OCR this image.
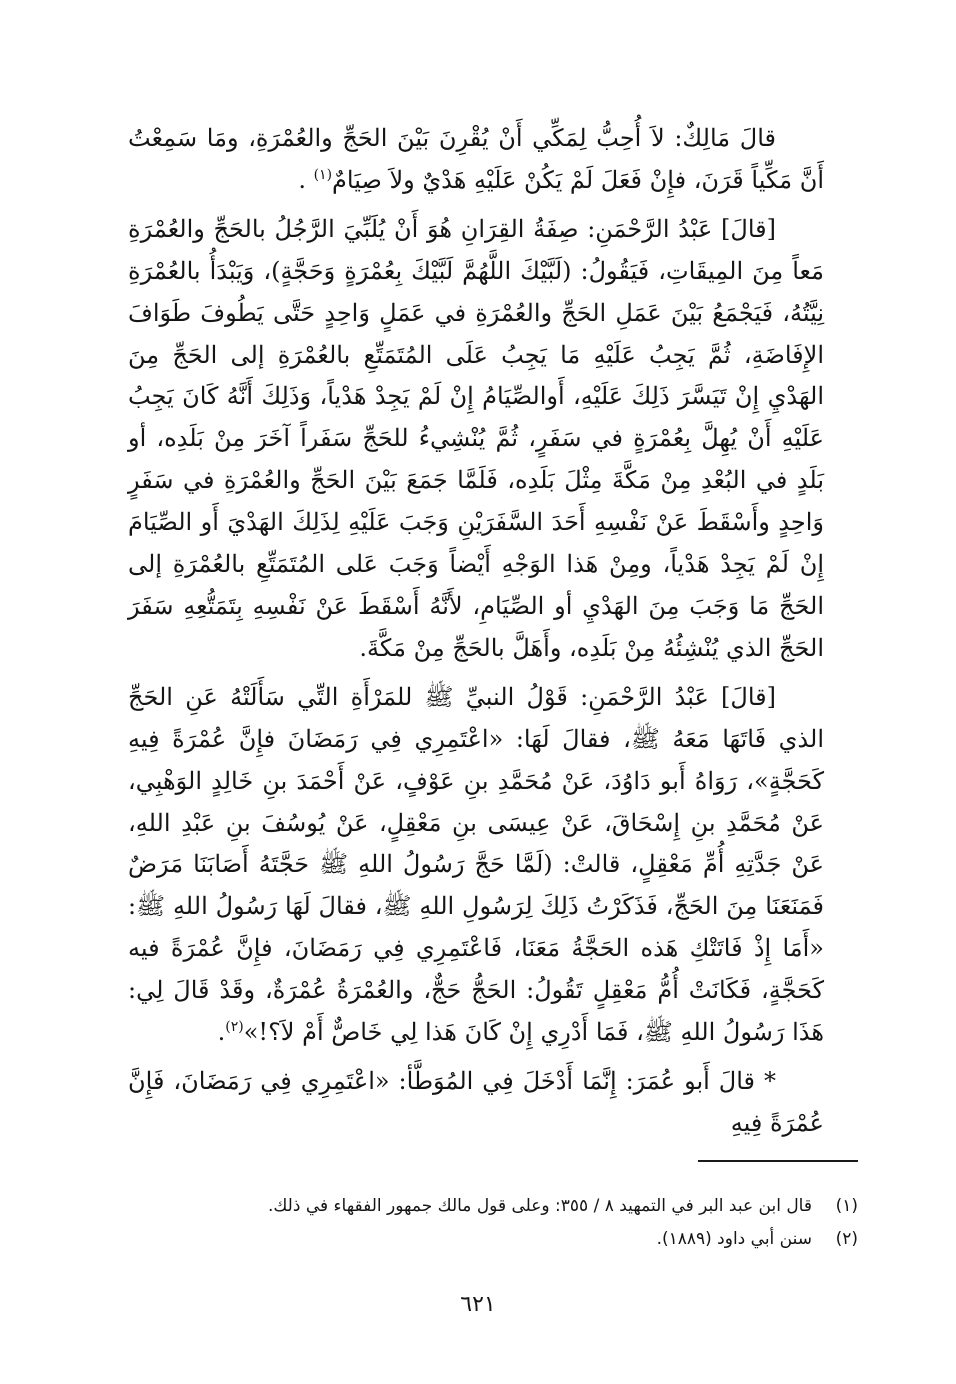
قالَ مَالِكٌ: لاَ أُحِبُّ لِمَكِّي أَنْ يُقْرِنَ بَيْنَ الحَجِّ والعُمْرَةِ، ومَا سَمِعْتُ أَنَّ مَكِّياً قَرَنَ، فإِنْ فَعَلَ لَمْ يَكُنْ عَلَيْهِ هَدْيٌ ولاَ صِيَامٌ$^{(١)}$ .

[قالَ] عَبْدُ الرَّحْمَنِ: صِفَةُ القِرَانِ هُوَ أَنْ يُلَبِّيَ الرَّجُلُ بالحَجِّ والعُمْرَةِ مَعاً مِنَ المِيقَاتِ، فَيَقُولُ: (لَبَّيْكَ اللَّهُمَّ لَبَّيْكَ بِعُمْرَةٍ وَحَجَّةٍ)، وَيَبْدَأُ بالعُمْرَةِ نِيَّتُهُ، فَيَجْمَعُ بَيْنَ عَمَلِ الحَجِّ والعُمْرَةِ في عَمَلٍ وَاحِدٍ حَتَّى يَطُوفَ طَوَافَ الإِفَاضَةِ، ثُمَّ يَجِبُ عَلَيْهِ مَا يَجِبُ عَلَى المُتَمَتِّعِ بالعُمْرَةِ إلى الحَجِّ مِنَ الهَدْيِ إِنْ تَيَسَّرَ ذَلِكَ عَلَيْهِ، أَوالصِّيَامُ إِنْ لَمْ يَجِدْ هَدْياً، وَذَلِكَ أَنَّهُ كَانَ يَجِبُ عَلَيْهِ أَنْ يُهِلَّ بِعُمْرَةٍ في سَفَرٍ، ثُمَّ يُنْشِيءُ للحَجِّ سَفَراً آخَرَ مِنْ بَلَدِه، أو بَلَدٍ في البُعْدِ مِنْ مَكَّةَ مِثْلَ بَلَدِه، فَلَمَّا جَمَعَ بَيْنَ الحَجِّ والعُمْرَةِ في سَفَرٍ وَاحِدٍ وأَسْقَطَ عَنْ نَفْسِهِ أَحَدَ السَّفَرَيْنِ وَجَبَ عَلَيْهِ لِذَلِكَ الهَدْيَ أَو الصِّيَامَ إِنْ لَمْ يَجِدْ هَدْياً، ومِنْ هَذا الوَجْهِ أَيْضاً وَجَبَ عَلى المُتَمَتِّعِ بالعُمْرَةِ إلى الحَجِّ مَا وَجَبَ مِنَ الهَدْيِ أو الصِّيَامِ، لأَنَّهُ أَسْقَطَ عَنْ نَفْسِهِ بِتَمَتُّعِهِ سَفَرَ الحَجِّ الذي يُنْشِئُهُ مِنْ بَلَدِه، وأَهَلَّ بالحَجِّ مِنْ مَكَّةَ.

[قالَ] عَبْدُ الرَّحْمَنِ: قَوْلُ النبيِّ ﷺ للمَرْأَةِ التِّي سَأَلَتْهُ عَنِ الحَجِّ الذي فَاتَهَا مَعَهُ ﷺ، فقالَ لَهَا: «اعْتَمِرِي فِي رَمَضَانَ فإِنَّ عُمْرَةً فِيهِ كَحَجَّةٍ»، رَوَاهُ أَبو دَاوُدَ، عَنْ مُحَمَّدِ بنِ عَوْفٍ، عَنْ أَحْمَدَ بنِ خَالِدٍ الوَهْبِي، عَنْ مُحَمَّدِ بنِ إِسْحَاقَ، عَنْ عِيسَى بنِ مَعْقِلٍ، عَنْ يُوسُفَ بنِ عَبْدِ اللهِ، عَنْ جَدَّتِهِ أُمِّ مَعْقِلٍ، قالتْ: (لَمَّا حَجَّ رَسُولُ اللهِ ﷺ حَجَّتَهُ أَصَابَنَا مَرَضٌ فَمَنَعَنَا مِنَ الحَجِّ، فَذَكَرْتُ ذَلِكَ لِرَسُولِ اللهِ ﷺ، فقالَ لَهَا رَسُولُ اللهِ ﷺ: «أَمَا إِذْ فَاتَتْكِ هَذه الحَجَّةُ مَعَنَا، فَاعْتَمِرِي فِي رَمَضَانَ، فإِنَّ عُمْرَةً فيه كَحَجَّةٍ، فَكَانَتْ أُمُّ مَعْقِلٍ تَقُولُ: الحَجُّ حَجٌّ، والعُمْرَةُ عُمْرَةٌ، وقَدْ قَالَ لِي: هَذَا رَسُولُ اللهِ ﷺ، فَمَا أَدْرِي إِنْ كَانَ هَذا لِي خَاصٌّ أَمْ لاَ؟!»$^{(٢)}$.

* قالَ أَبو عُمَرَ: إِنَّمَا أَدْخَلَ فِي المُوَطَّأ: «اعْتَمِرِي فِي رَمَضَانَ، فَإِنَّ عُمْرَةً فِيهِ

(١)
قال ابن عبد البر في التمهيد ٨ / ٣٥٥: وعلى قول مالك جمهور الفقهاء في ذلك.
(٢)
سنن أبي داود (١٨٨٩).
٦٢١
